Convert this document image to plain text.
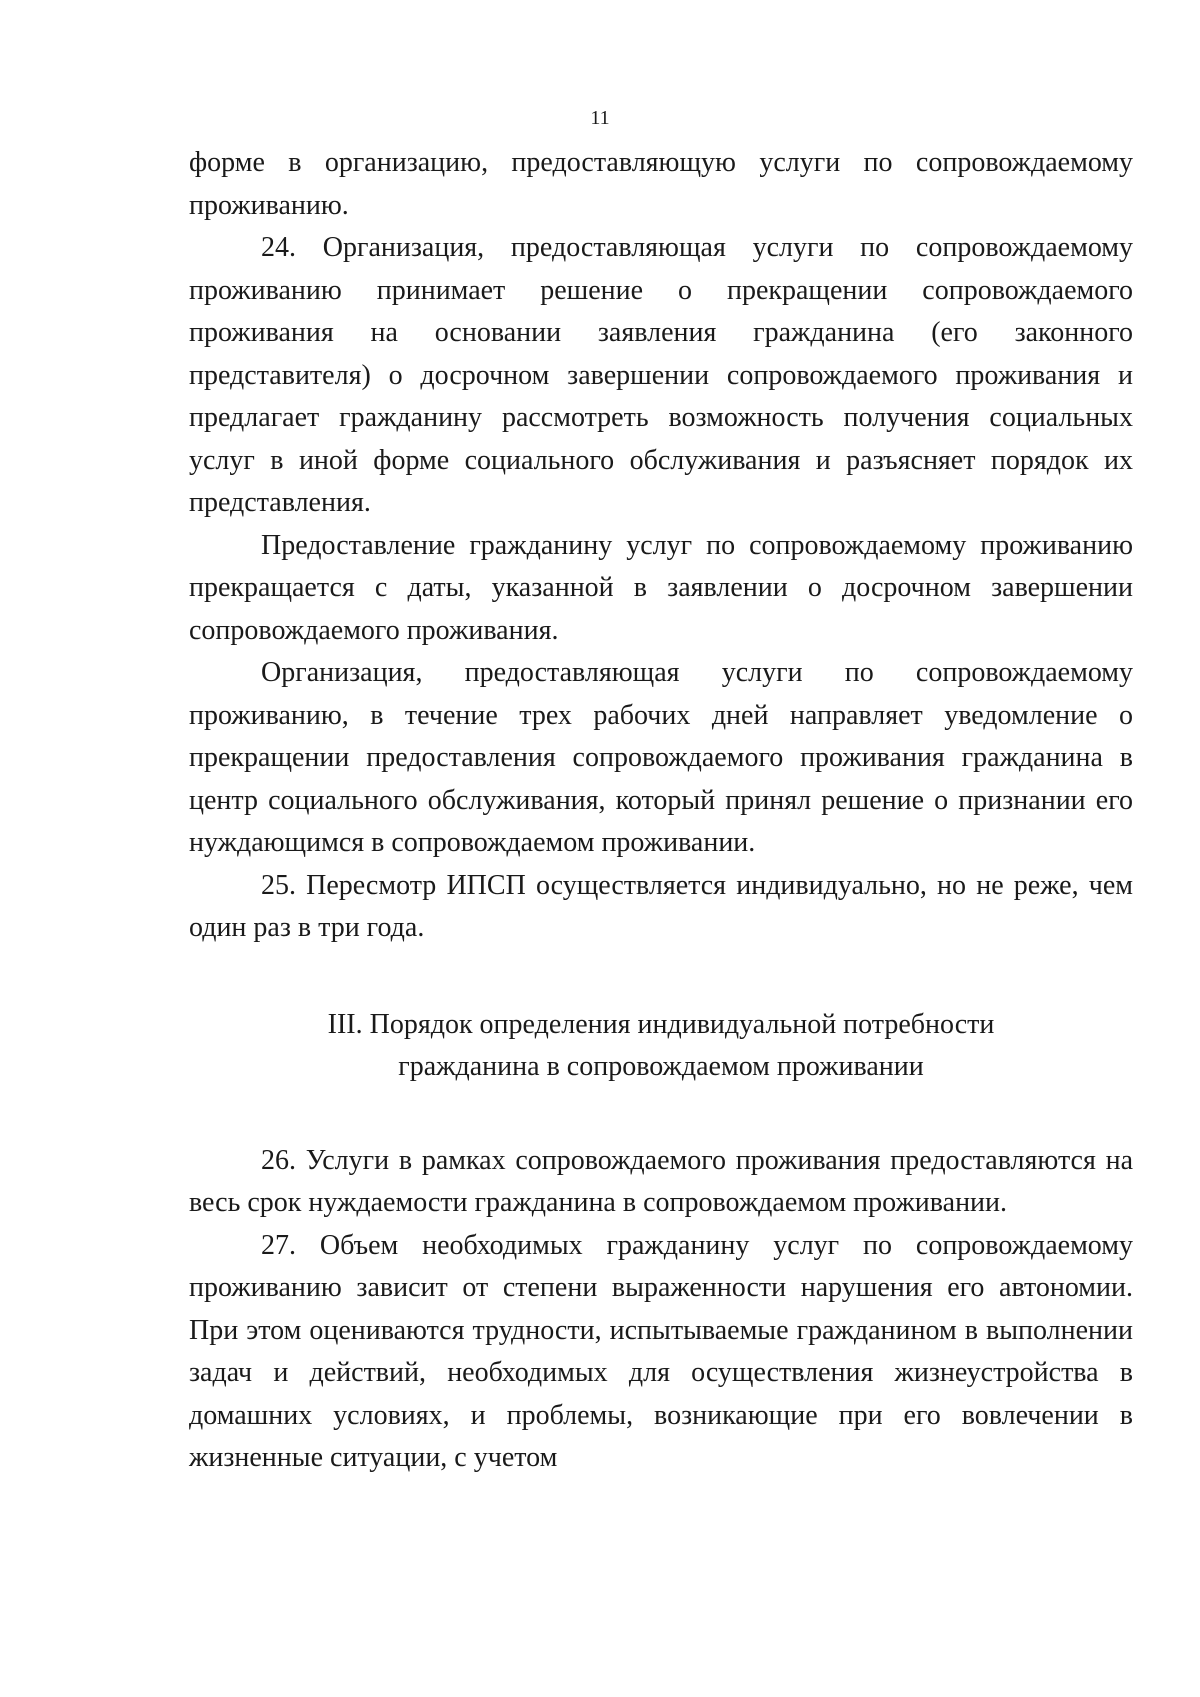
11

форме в организацию, предоставляющую услуги по сопровождаемому проживанию.

24. Организация, предоставляющая услуги по сопровождаемому проживанию принимает решение о прекращении сопровождаемого проживания на основании заявления гражданина (его законного представителя) о досрочном завершении сопровождаемого проживания и предлагает гражданину рассмотреть возможность получения социальных услуг в иной форме социального обслуживания и разъясняет порядок их представления.

Предоставление гражданину услуг по сопровождаемому проживанию прекращается с даты, указанной в заявлении о досрочном завершении сопровождаемого проживания.

Организация, предоставляющая услуги по сопровождаемому проживанию, в течение трех рабочих дней направляет уведомление о прекращении предоставления сопровождаемого проживания гражданина в центр социального обслуживания, который принял решение о признании его нуждающимся в сопровождаемом проживании.

25. Пересмотр ИПСП осуществляется индивидуально, но не реже, чем один раз в три года.

III. Порядок определения индивидуальной потребности
гражданина в сопровождаемом проживании

26. Услуги в рамках сопровождаемого проживания предоставляются на весь срок нуждаемости гражданина в сопровождаемом проживании.

27. Объем необходимых гражданину услуг по сопровождаемому проживанию зависит от степени выраженности нарушения его автономии. При этом оцениваются трудности, испытываемые гражданином в выполнении задач и действий, необходимых для осуществления жизнеустройства в домашних условиях, и проблемы, возникающие при его вовлечении в жизненные ситуации, с учетом
